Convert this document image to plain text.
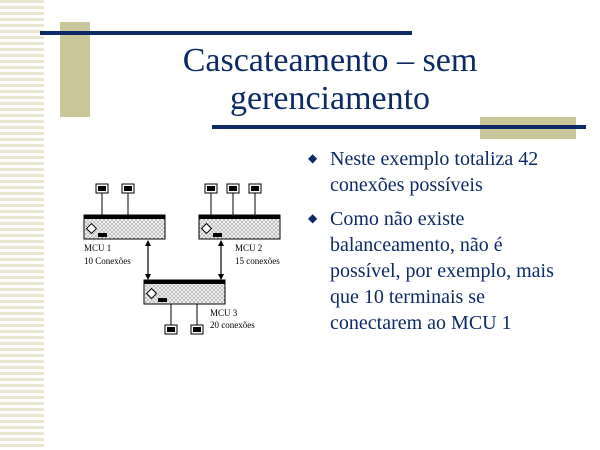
Cascateamento – sem
gerenciamento
◆ Neste exemplo totaliza 42 conexões possíveis
◆ Como não existe balanceamento, não é possível, por exemplo, mais que 10 terminais se conectarem ao MCU 1
MCU 1
10 Conexões
MCU 2
15 conexões
MCU 3
20 conexões
